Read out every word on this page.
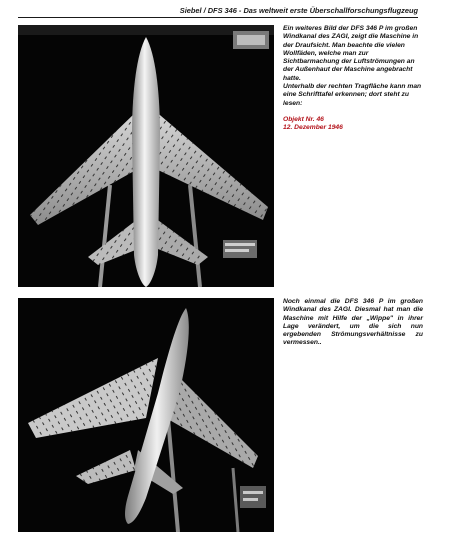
Siebel / DFS 346 - Das weltweit erste Überschallforschungsflugzeug

Ein weiteres Bild der DFS 346 P im großen Windkanal des ZAGI, zeigt die Maschine in der Draufsicht. Man beachte die vielen Wollfäden, welche man zur Sichtbarmachung der Luftströmungen an der Außenhaut der Maschine angebracht hatte.

Unterhalb der rechten Tragfläche kann man eine Schrifttafel erkennen; dort steht zu lesen:

Objekt Nr. 46

12. Dezember 1946

Noch einmal die DFS 346 P im großen Windkanal des ZAGI. Diesmal hat man die Maschine mit Hilfe der „Wippe" in ihrer Lage verändert, um die sich nun ergebenden Strömungsverhältnisse zu vermessen..
